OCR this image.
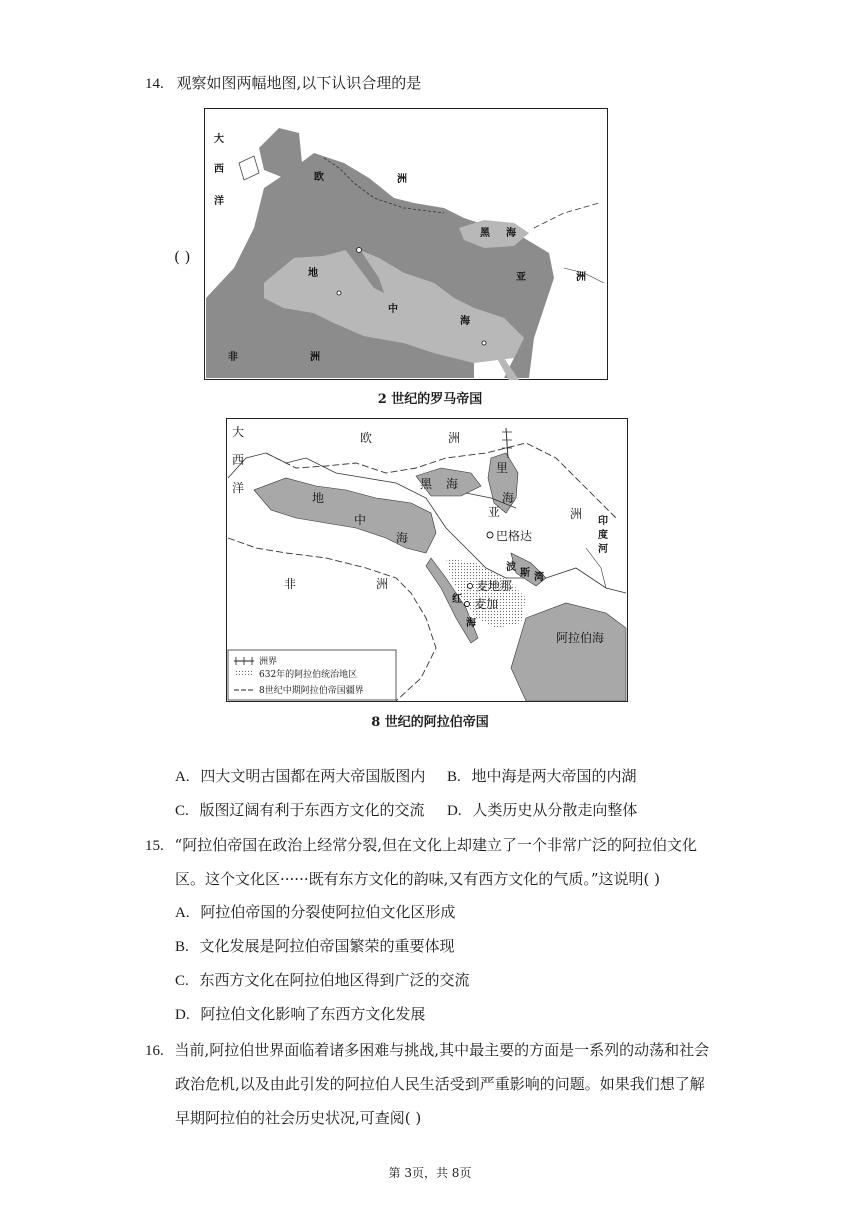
14. 观察如图两幅地图,以下认识合理的是
( )
大
西
洋
欧	洲
黑 海
地
中
海
亚	洲
非	洲
2 世纪的罗马帝国
大
西
洋
欧	洲
里
海
黑 海
地
中
海
亚	洲
印
度
河
巴格达
波
斯 湾
麦地那
麦加
红
海
非	洲
阿拉伯海
洲界
632年的阿拉伯统治地区
8世纪中期阿拉伯帝国疆界
8 世纪的阿拉伯帝国
A. 四大文明古国都在两大帝国版图内 B. 地中海是两大帝国的内湖
C. 版图辽阔有利于东西方文化的交流 D. 人类历史从分散走向整体
15. “阿拉伯帝国在政治上经常分裂,但在文化上却建立了一个非常广泛的阿拉伯文化
区。这个文化区······既有东方文化的韵味,又有西方文化的气质。”这说明( )
A. 阿拉伯帝国的分裂使阿拉伯文化区形成
B. 文化发展是阿拉伯帝国繁荣的重要体现
C. 东西方文化在阿拉伯地区得到广泛的交流
D. 阿拉伯文化影响了东西方文化发展
16. 当前,阿拉伯世界面临着诸多困难与挑战,其中最主要的方面是一系列的动荡和社会
政治危机,以及由此引发的阿拉伯人民生活受到严重影响的问题。如果我们想了解
早期阿拉伯的社会历史状况,可查阅( )
第 3页，共 8页
